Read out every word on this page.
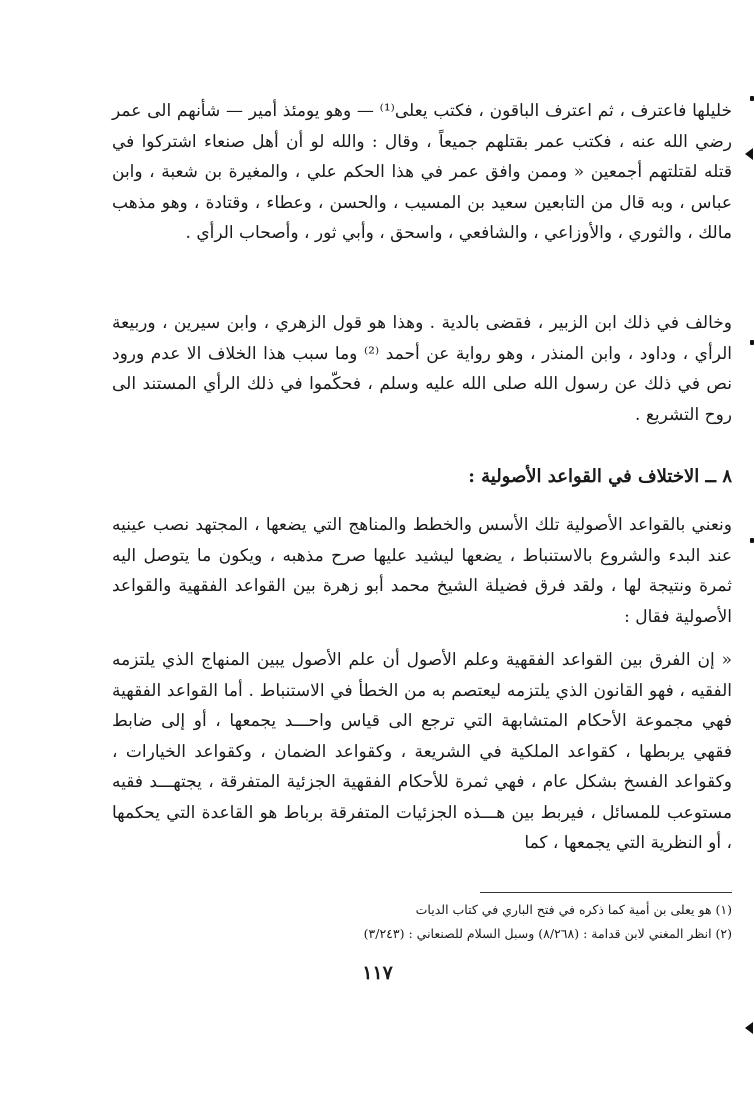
خليلها فاعترف ، ثم اعترف الباقون ، فكتب يعلى⁽¹⁾ — وهو يومئذ أمير — شأنهم الى عمر رضي الله عنه ، فكتب عمر بقتلهم جميعاً ، وقال : والله لو أن أهل صنعاء اشتركوا في قتله لقتلتهم أجمعين « وممن وافق عمر في هذا الحكم علي ، والمغيرة بن شعبة ، وابن عباس ، وبه قال من التابعين سعيد بن المسيب ، والحسن ، وعطاء ، وقتادة ، وهو مذهب مالك ، والثوري ، والأوزاعي ، والشافعي ، واسحق ، وأبي ثور ، وأصحاب الرأي .

وخالف في ذلك ابن الزبير ، فقضى بالدية . وهذا هو قول الزهري ، وابن سيرين ، وربيعة الرأي ، وداود ، وابن المنذر ، وهو رواية عن أحمد ⁽²⁾ وما سبب هذا الخلاف الا عدم ورود نص في ذلك عن رسول الله صلى الله عليه وسلم ، فحكّموا في ذلك الرأي المستند الى روح التشريع .

٨ ــ الاختلاف في القواعد الأصولية :

ونعني بالقواعد الأصولية تلك الأسس والخطط والمناهج التي يضعها ، المجتهد نصب عينيه عند البدء والشروع بالاستنباط ، يضعها ليشيد عليها صرح مذهبه ، ويكون ما يتوصل اليه ثمرة ونتيجة لها ، ولقد فرق فضيلة الشيخ محمد أبو زهرة بين القواعد الفقهية والقواعد الأصولية فقال :

« إن الفرق بين القواعد الفقهية وعلم الأصول أن علم الأصول يبين المنهاج الذي يلتزمه الفقيه ، فهو القانون الذي يلتزمه ليعتصم به من الخطأ في الاستنباط . أما القواعد الفقهية فهي مجموعة الأحكام المتشابهة التي ترجع الى قياس واحـــد يجمعها ، أو إلى ضابط فقهي يربطها ، كقواعد الملكية في الشريعة ، وكقواعد الضمان ، وكقواعد الخيارات ، وكقواعد الفسخ بشكل عام ، فهي ثمرة للأحكام الفقهية الجزئية المتفرقة ، يجتهـــد فقيه مستوعب للمسائل ، فيربط بين هـــذه الجزئيات المتفرقة برباط هو القاعدة التي يحكمها ، أو النظرية التي يجمعها ، كما

(١) هو يعلى بن أمية كما ذكره في فتح الباري في كتاب الديات
(٢) انظر المغني لابن قدامة : (٨/٢٦٨) وسبل السلام للصنعاني : (٣/٢٤٣)
١١٧
